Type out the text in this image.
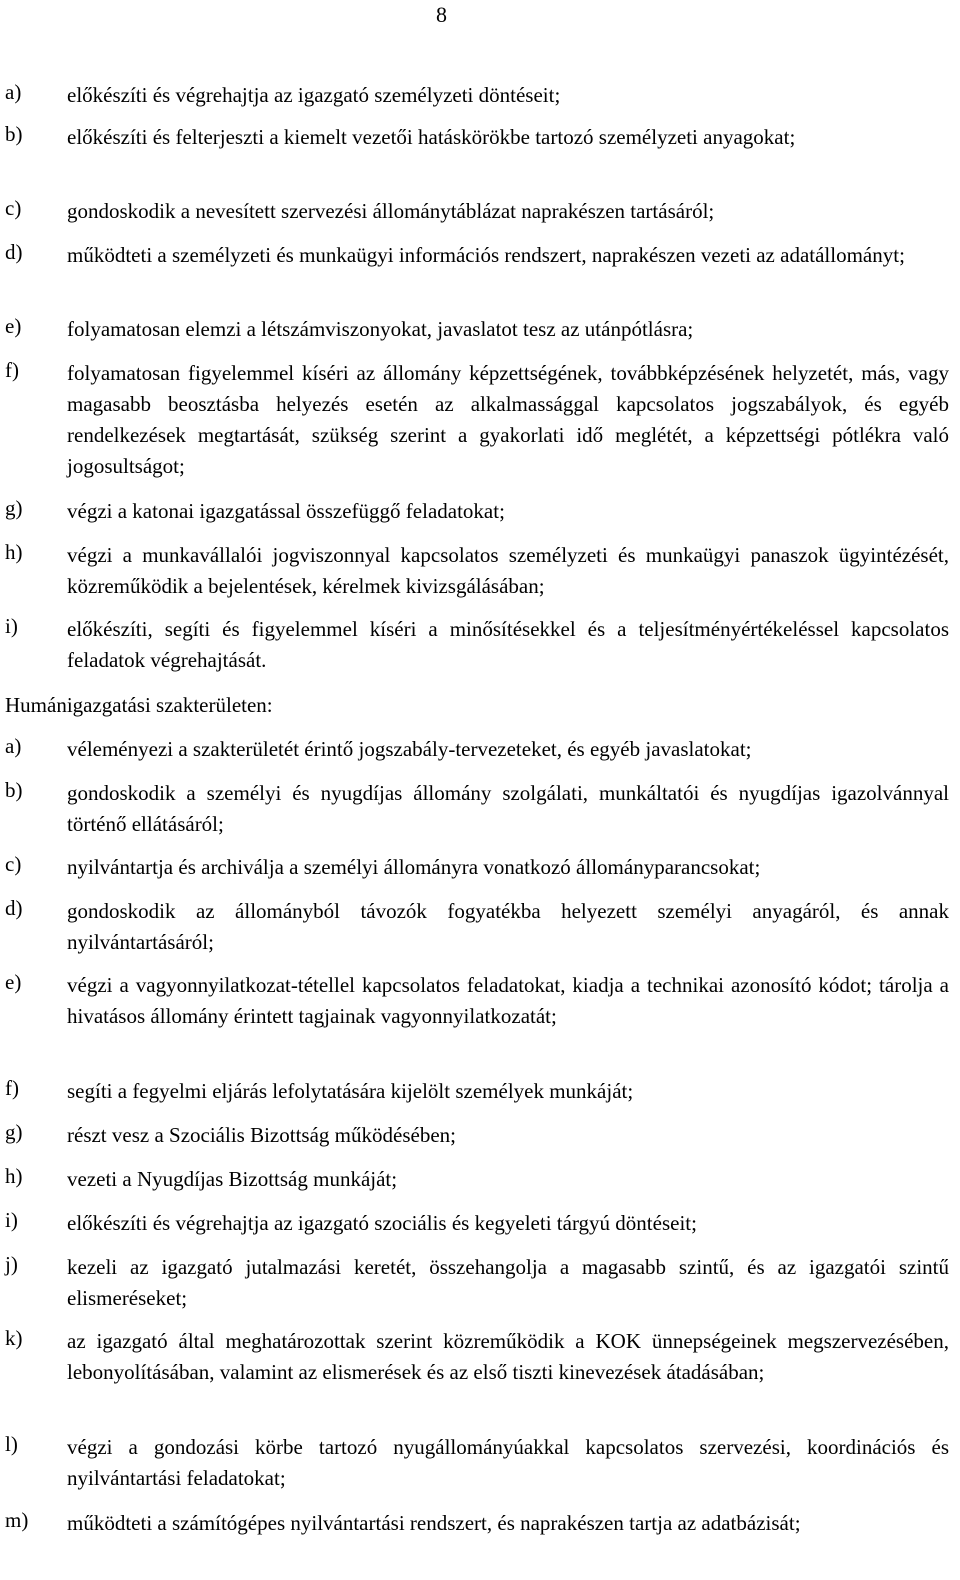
8
a) előkészíti és végrehajtja az igazgató személyzeti döntéseit;
b) előkészíti és felterjeszti a kiemelt vezetői hatáskörökbe tartozó személyzeti anyagokat;
c) gondoskodik a nevesített szervezési állománytáblázat naprakészen tartásáról;
d) működteti a személyzeti és munkaügyi információs rendszert, naprakészen vezeti az adatállományt;
e) folyamatosan elemzi a létszámviszonyokat, javaslatot tesz az utánpótlásra;
f) folyamatosan figyelemmel kíséri az állomány képzettségének, továbbképzésének helyzetét, más, vagy magasabb beosztásba helyezés esetén az alkalmassággal kapcsolatos jogszabályok, és egyéb rendelkezések megtartását, szükség szerint a gyakorlati idő meglétét, a képzettségi pótlékra való jogosultságot;
g) végzi a katonai igazgatással összefüggő feladatokat;
h) végzi a munkavállalói jogviszonnyal kapcsolatos személyzeti és munkaügyi panaszok ügyintézését, közreműködik a bejelentések, kérelmek kivizsgálásában;
i) előkészíti, segíti és figyelemmel kíséri a minősítésekkel és a teljesítményértékeléssel kapcsolatos feladatok végrehajtását.
Humánigazgatási szakterületen:
a) véleményezi a szakterületét érintő jogszabály-tervezeteket, és egyéb javaslatokat;
b) gondoskodik a személyi és nyugdíjas állomány szolgálati, munkáltatói és nyugdíjas igazolvánnyal történő ellátásáról;
c) nyilvántartja és archiválja a személyi állományra vonatkozó állományparancsokat;
d) gondoskodik az állományból távozók fogyatékba helyezett személyi anyagáról, és annak nyilvántartásáról;
e) végzi a vagyonnyilatkozat-tétellel kapcsolatos feladatokat, kiadja a technikai azonosító kódot; tárolja a hivatásos állomány érintett tagjainak vagyonnyilatkozatát;
f) segíti a fegyelmi eljárás lefolytatására kijelölt személyek munkáját;
g) részt vesz a Szociális Bizottság működésében;
h) vezeti a Nyugdíjas Bizottság munkáját;
i) előkészíti és végrehajtja az igazgató szociális és kegyeleti tárgyú döntéseit;
j) kezeli az igazgató jutalmazási keretét, összehangolja a magasabb szintű, és az igazgatói szintű elismeréseket;
k) az igazgató által meghatározottak szerint közreműködik a KOK ünnepségeinek megszervezésében, lebonyolításában, valamint az elismerések és az első tiszti kinevezések átadásában;
l) végzi a gondozási körbe tartozó nyugállományúakkal kapcsolatos szervezési, koordinációs és nyilvántartási feladatokat;
m) működteti a számítógépes nyilvántartási rendszert, és naprakészen tartja az adatbázisát;
